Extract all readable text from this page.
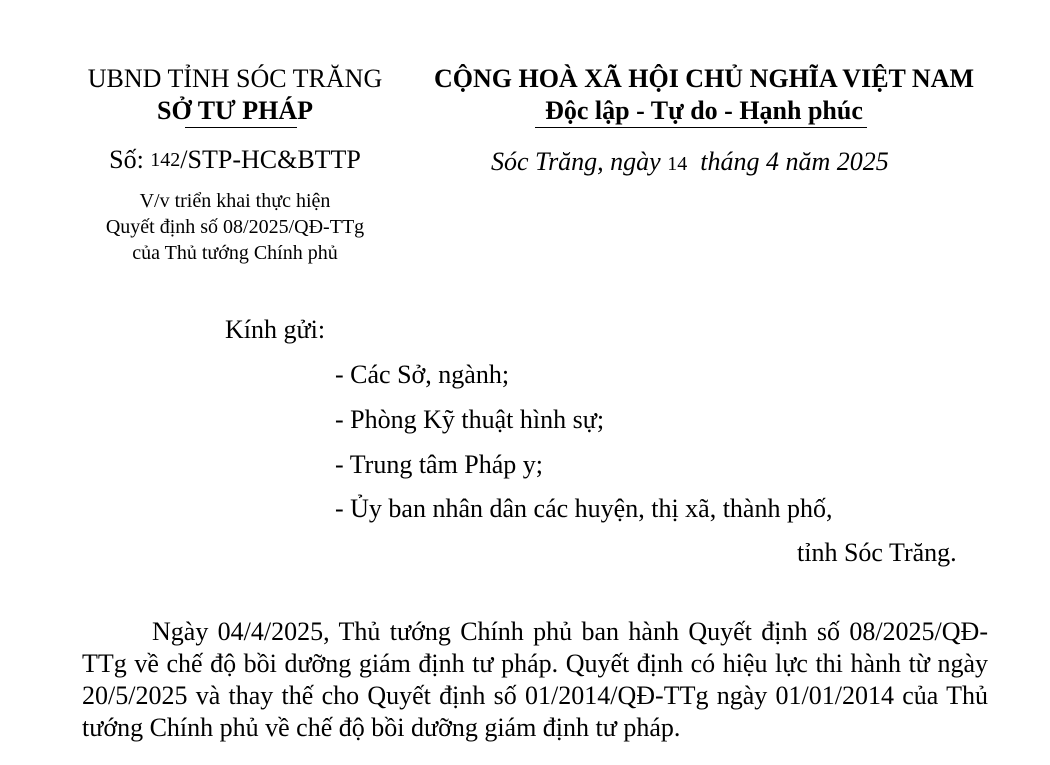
UBND TỈNH SÓC TRĂNG
SỞ TƯ PHÁP
Số: 142/STP-HC&BTTP
V/v triển khai thực hiện
Quyết định số 08/2025/QĐ-TTg
của Thủ tướng Chính phủ
CỘNG HOÀ XÃ HỘI CHỦ NGHĨA VIỆT NAM
Độc lập - Tự do - Hạnh phúc
Sóc Trăng, ngày 14 tháng 4 năm 2025
Kính gửi:
- Các Sở, ngành;
- Phòng Kỹ thuật hình sự;
- Trung tâm Pháp y;
- Ủy ban nhân dân các huyện, thị xã, thành phố,
tỉnh Sóc Trăng.
Ngày 04/4/2025, Thủ tướng Chính phủ ban hành Quyết định số 08/2025/QĐ-TTg về chế độ bồi dưỡng giám định tư pháp. Quyết định có hiệu lực thi hành từ ngày 20/5/2025 và thay thế cho Quyết định số 01/2014/QĐ-TTg ngày 01/01/2014 của Thủ tướng Chính phủ về chế độ bồi dưỡng giám định tư pháp.
